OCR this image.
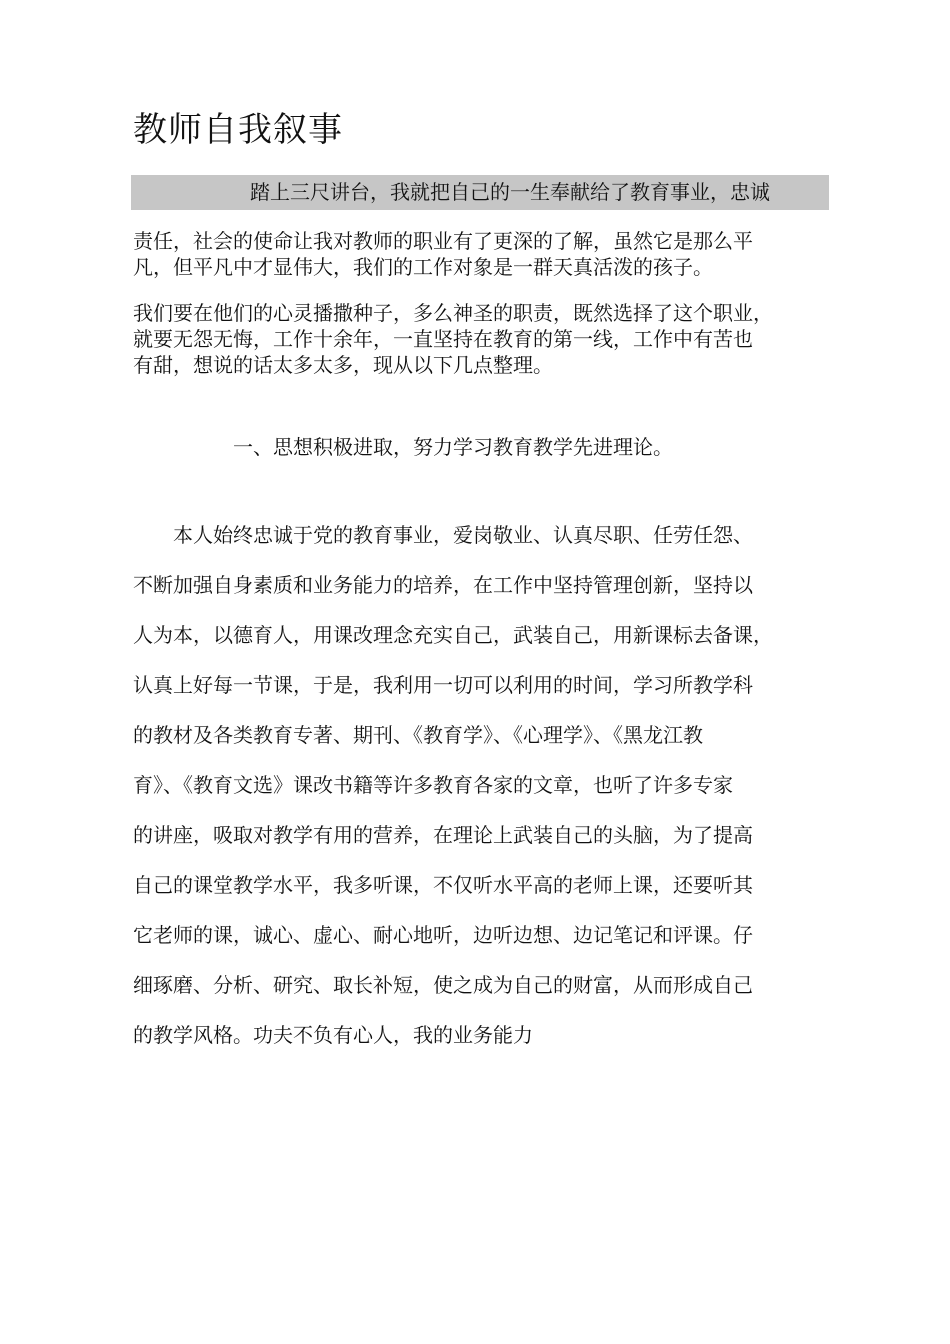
教师自我叙事
踏上三尺讲台，我就把自己的一生奉献给了教育事业，忠诚
责任，社会的使命让我对教师的职业有了更深的了解，虽然它是那么平
凡，但平凡中才显伟大，我们的工作对象是一群天真活泼的孩子。
我们要在他们的心灵播撒种子，多么神圣的职责，既然选择了这个职业，
就要无怨无悔，工作十余年，一直坚持在教育的第一线，工作中有苦也
有甜，想说的话太多太多，现从以下几点整理。
一、思想积极进取，努力学习教育教学先进理论。
　　本人始终忠诚于党的教育事业，爱岗敬业、认真尽职、任劳任怨、
不断加强自身素质和业务能力的培养，在工作中坚持管理创新，坚持以
人为本，以德育人，用课改理念充实自己，武装自己，用新课标去备课，
认真上好每一节课，于是，我利用一切可以利用的时间，学习所教学科
的教材及各类教育专著、期刊、《教育学》、《心理学》、《黑龙江教
育》、《教育文选》课改书籍等许多教育各家的文章，也听了许多专家
的讲座，吸取对教学有用的营养，在理论上武装自己的头脑，为了提高
自己的课堂教学水平，我多听课，不仅听水平高的老师上课，还要听其
它老师的课，诚心、虚心、耐心地听，边听边想、边记笔记和评课。仔
细琢磨、分析、研究、取长补短，使之成为自己的财富，从而形成自己
的教学风格。功夫不负有心人，我的业务能力
